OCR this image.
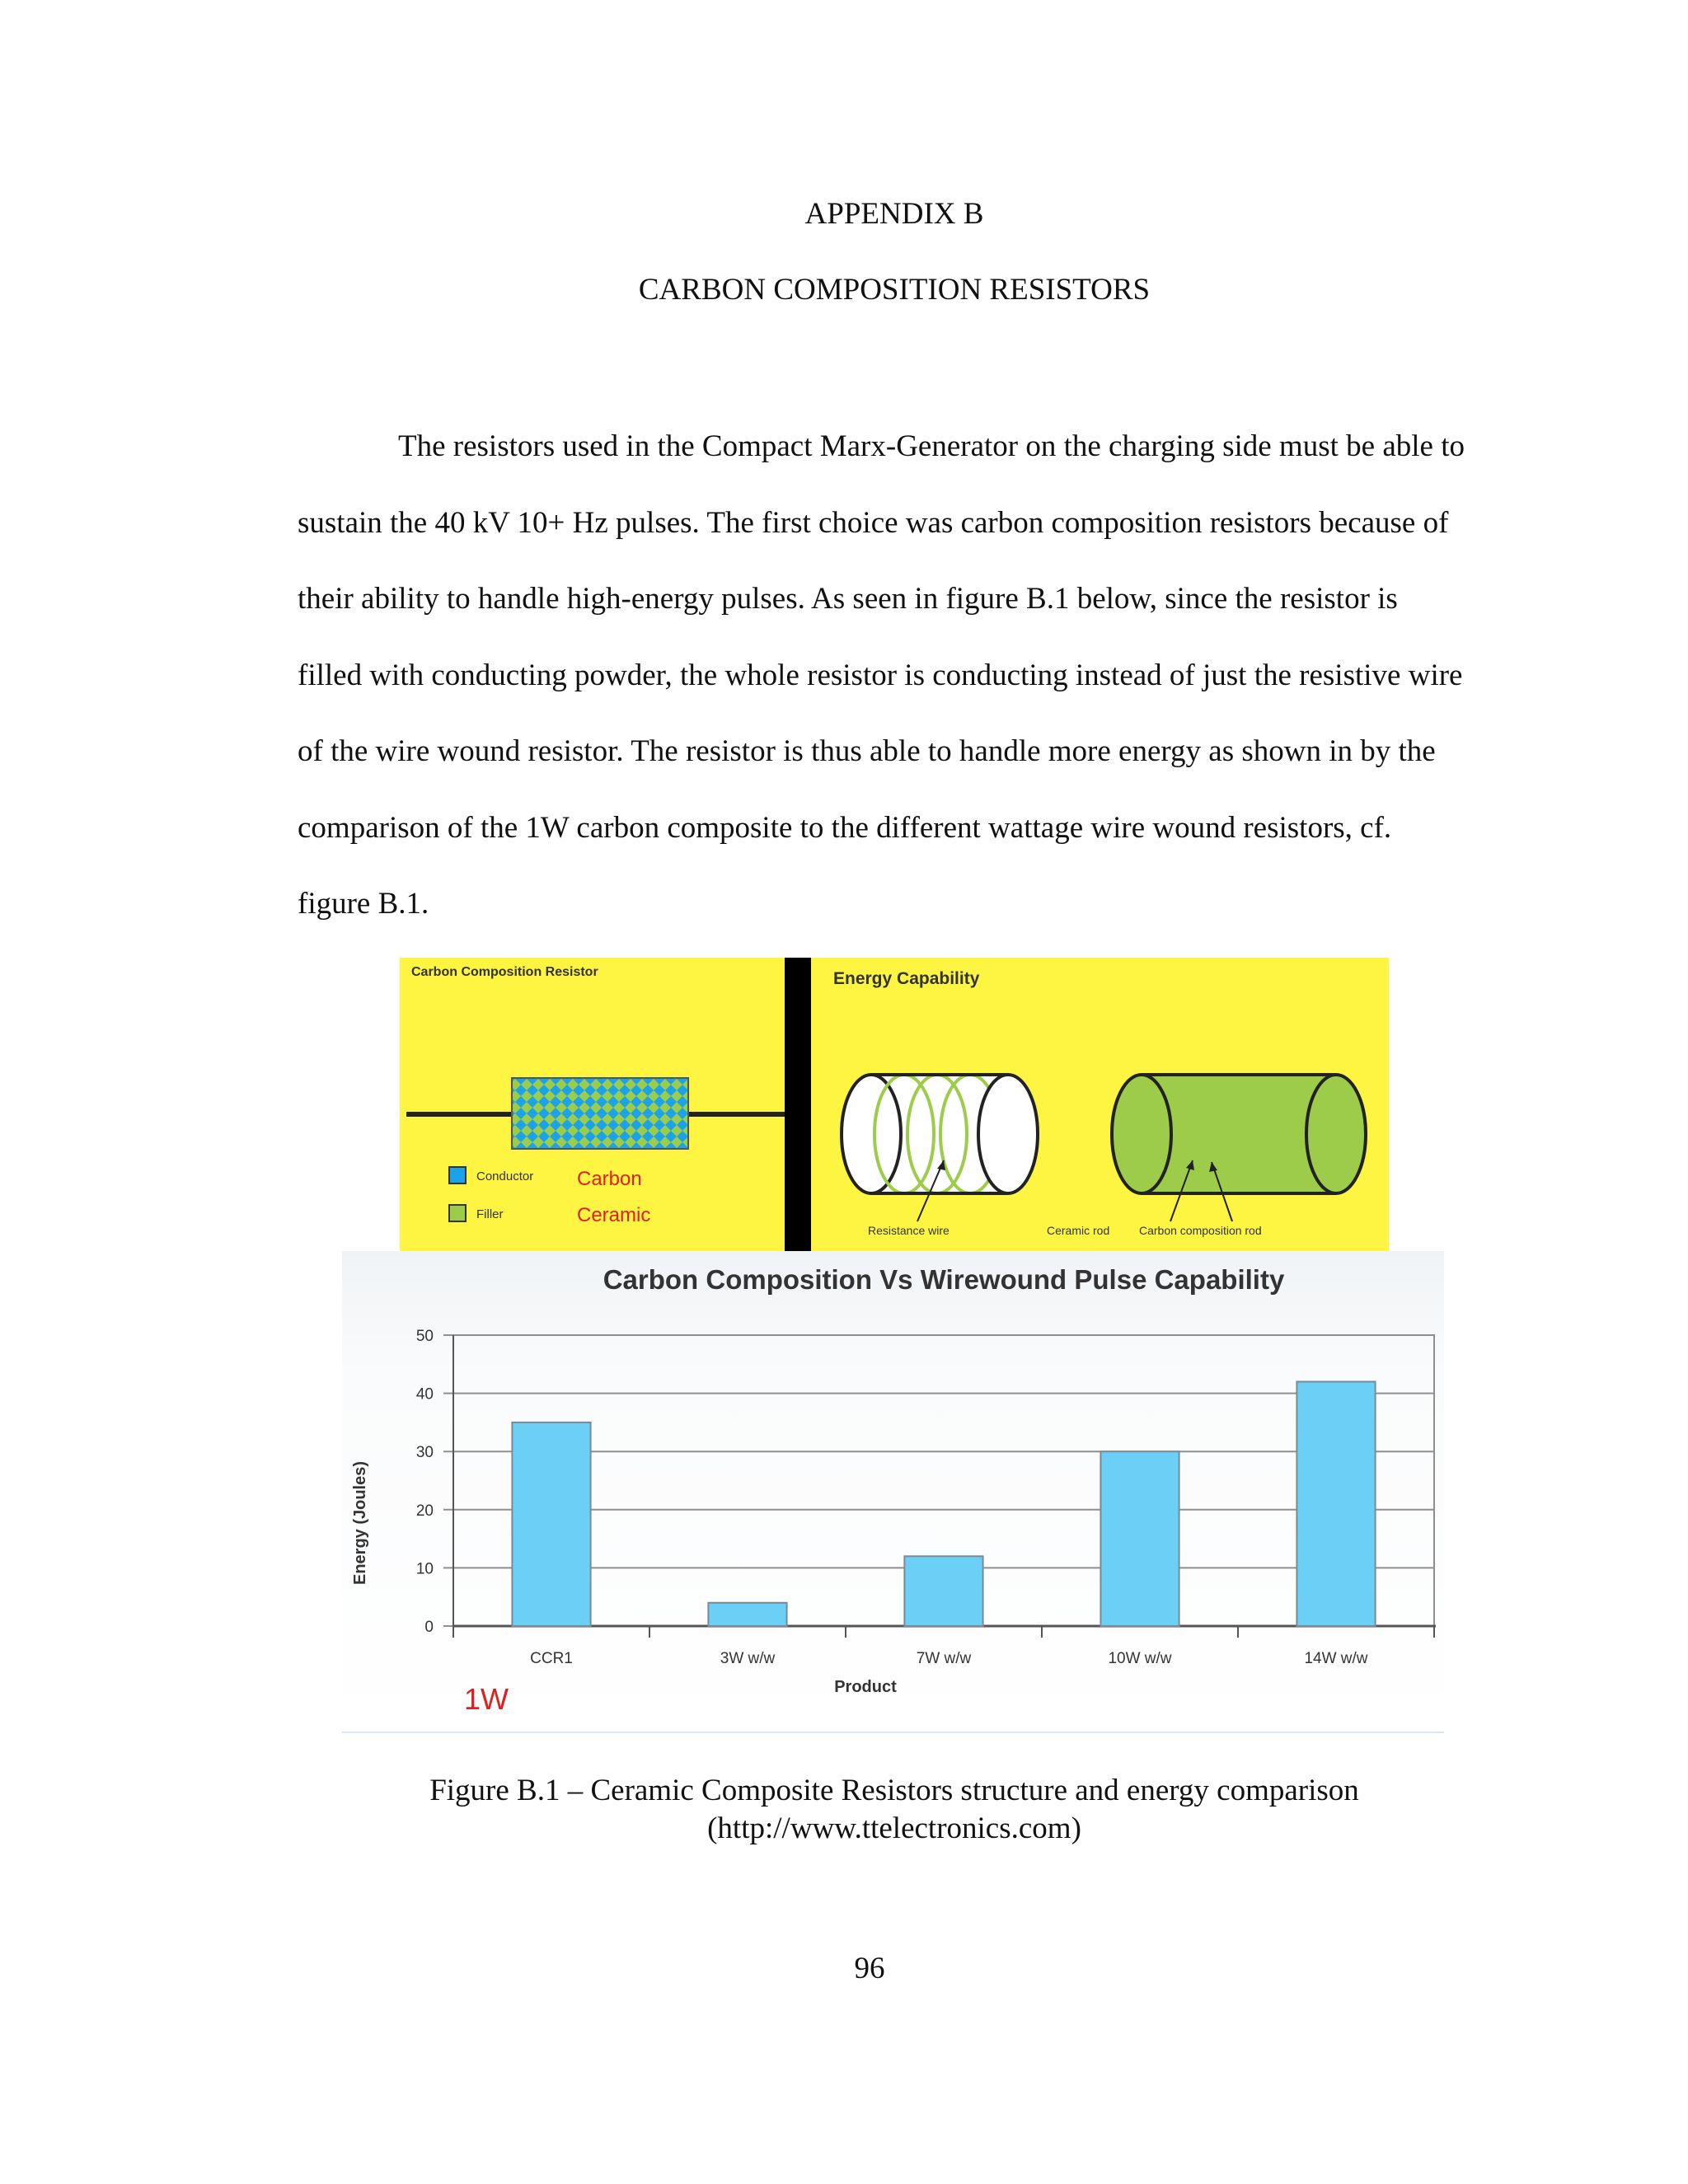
APPENDIX B
CARBON COMPOSITION RESISTORS

The resistors used in the Compact Marx-Generator on the charging side must be able to sustain the 40 kV 10+ Hz pulses. The first choice was carbon composition resistors because of their ability to handle high-energy pulses. As seen in figure B.1 below, since the resistor is filled with conducting powder, the whole resistor is conducting instead of just the resistive wire of the wire wound resistor. The resistor is thus able to handle more energy as shown in by the comparison of the 1W carbon composite to the different wattage wire wound resistors, cf. figure B.1.

Carbon Composition Resistor
Conductor Carbon
Filler	Ceramic
Energy Capability
Resistance wire	Ceramic rod	Carbon composition rod
Carbon Composition Vs Wirewound Pulse Capability
0
10
20
30
40
50
CCR1	3W w/w	7W w/w	10W w/w	14W w/w
Product
Energy (Joules)
1W
Figure B.1 – Ceramic Composite Resistors structure and energy comparison
(http://www.ttelectronics.com)
96
